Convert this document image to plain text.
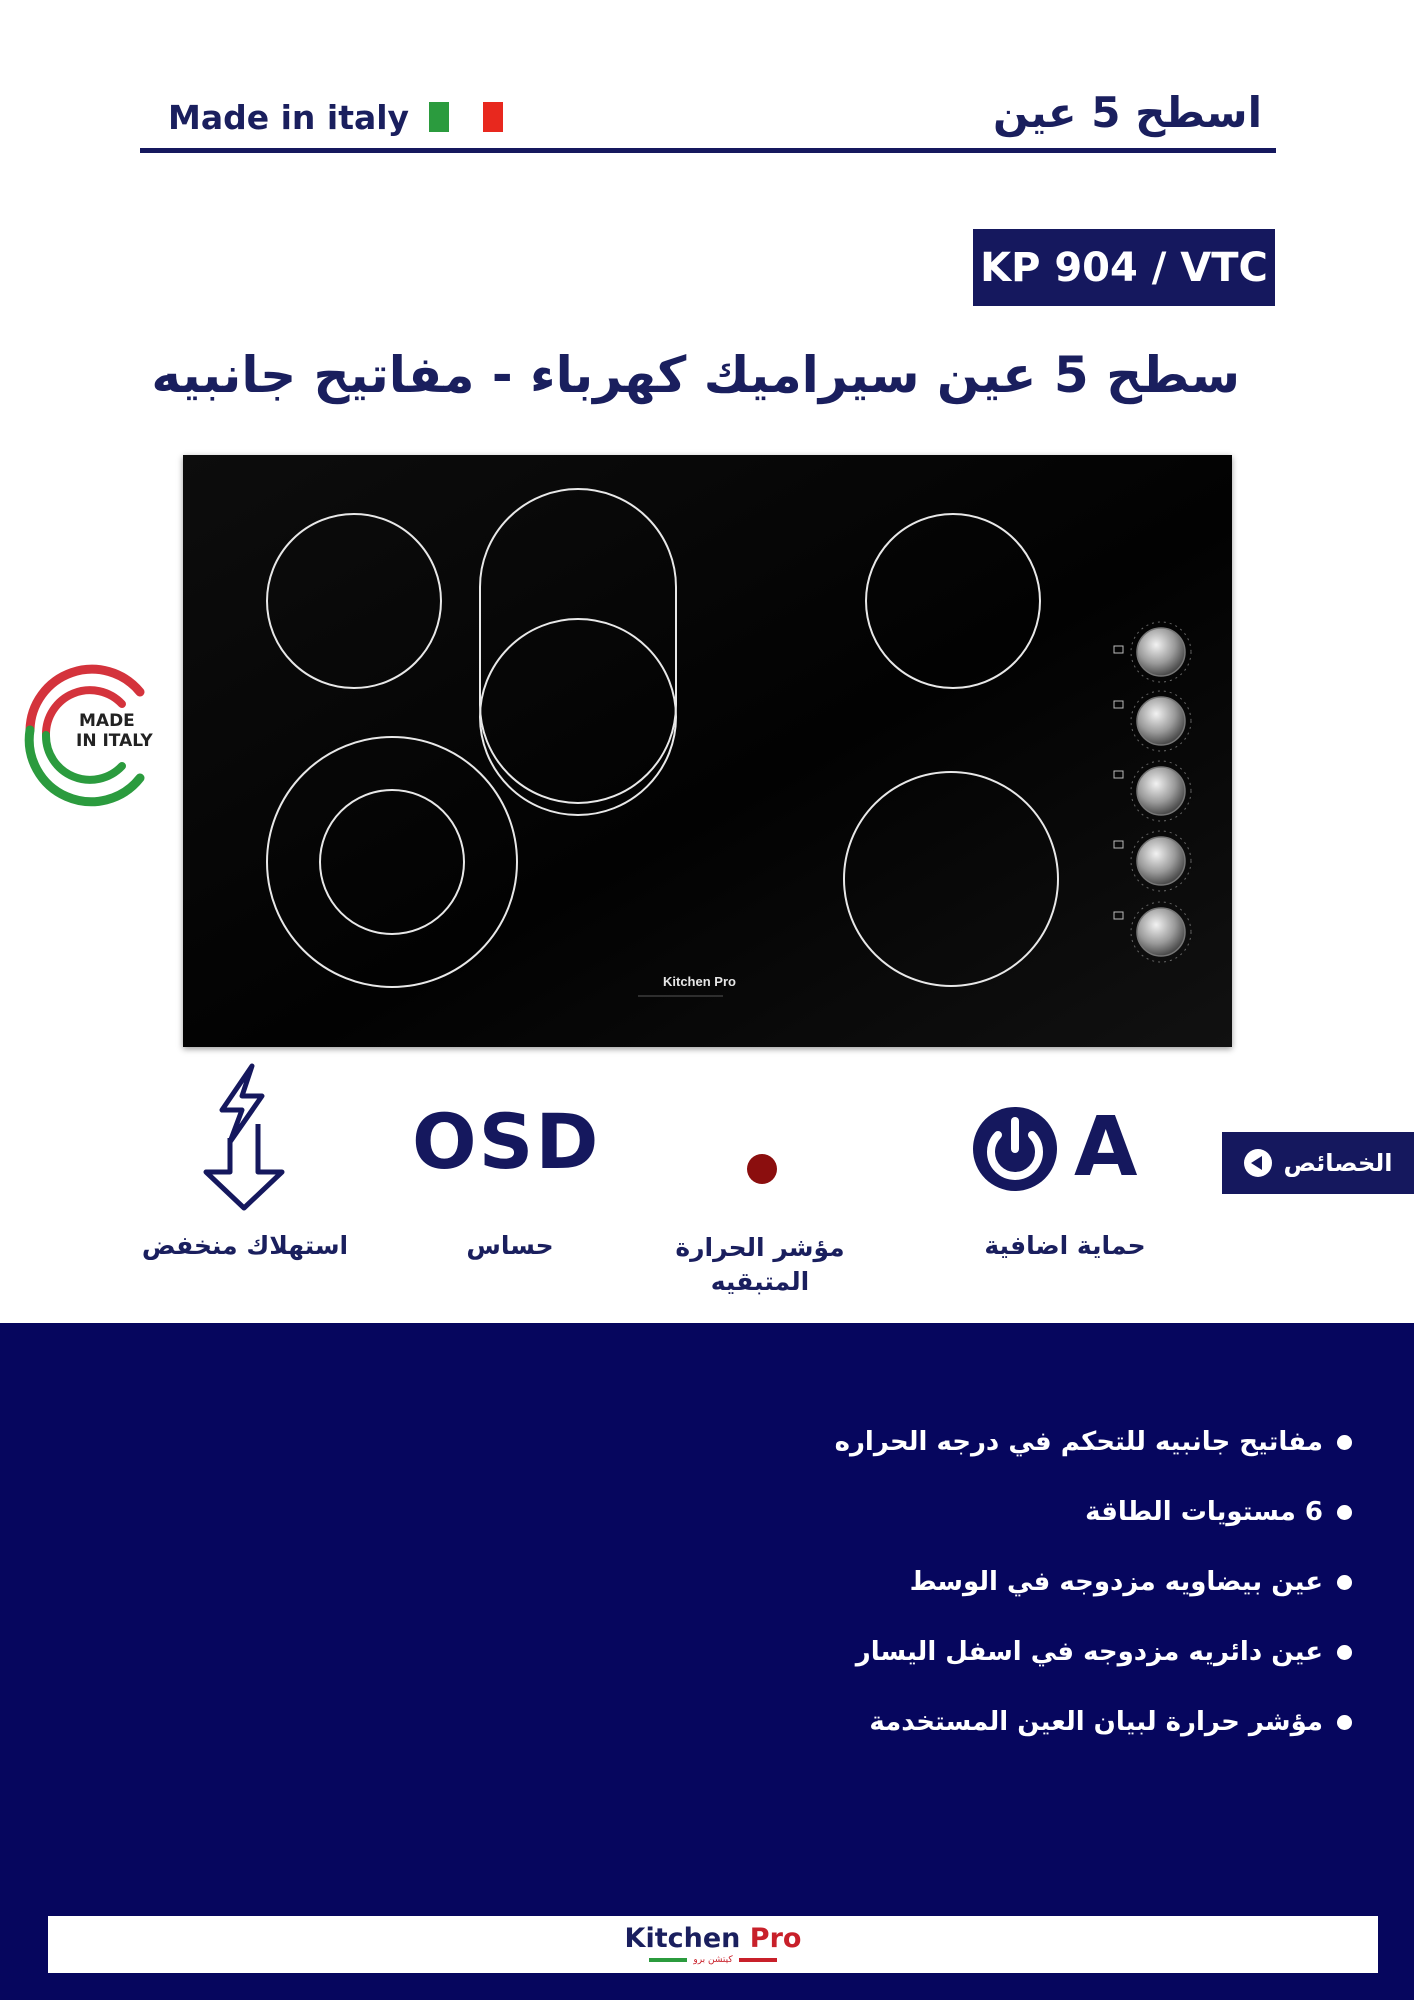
Made in italy	اسطح 5 عين
KP 904 / VTC
سطح 5 عين سيراميك كهرباء - مفاتيح جانبيه
Kitchen Pro
MADE
IN ITALY
OSD	A
استهلاك منخفض	حساس	مؤشر الحرارة
المتبقيه
حماية اضافية
الخصائص
مفاتيح جانبيه للتحكم في درجه الحراره
6 مستويات الطاقة
عين بيضاويه مزدوجه في الوسط
عين دائريه مزدوجه في اسفل اليسار
مؤشر حرارة لبيان العين المستخدمة
Kitchen Pro
كيتشن برو
